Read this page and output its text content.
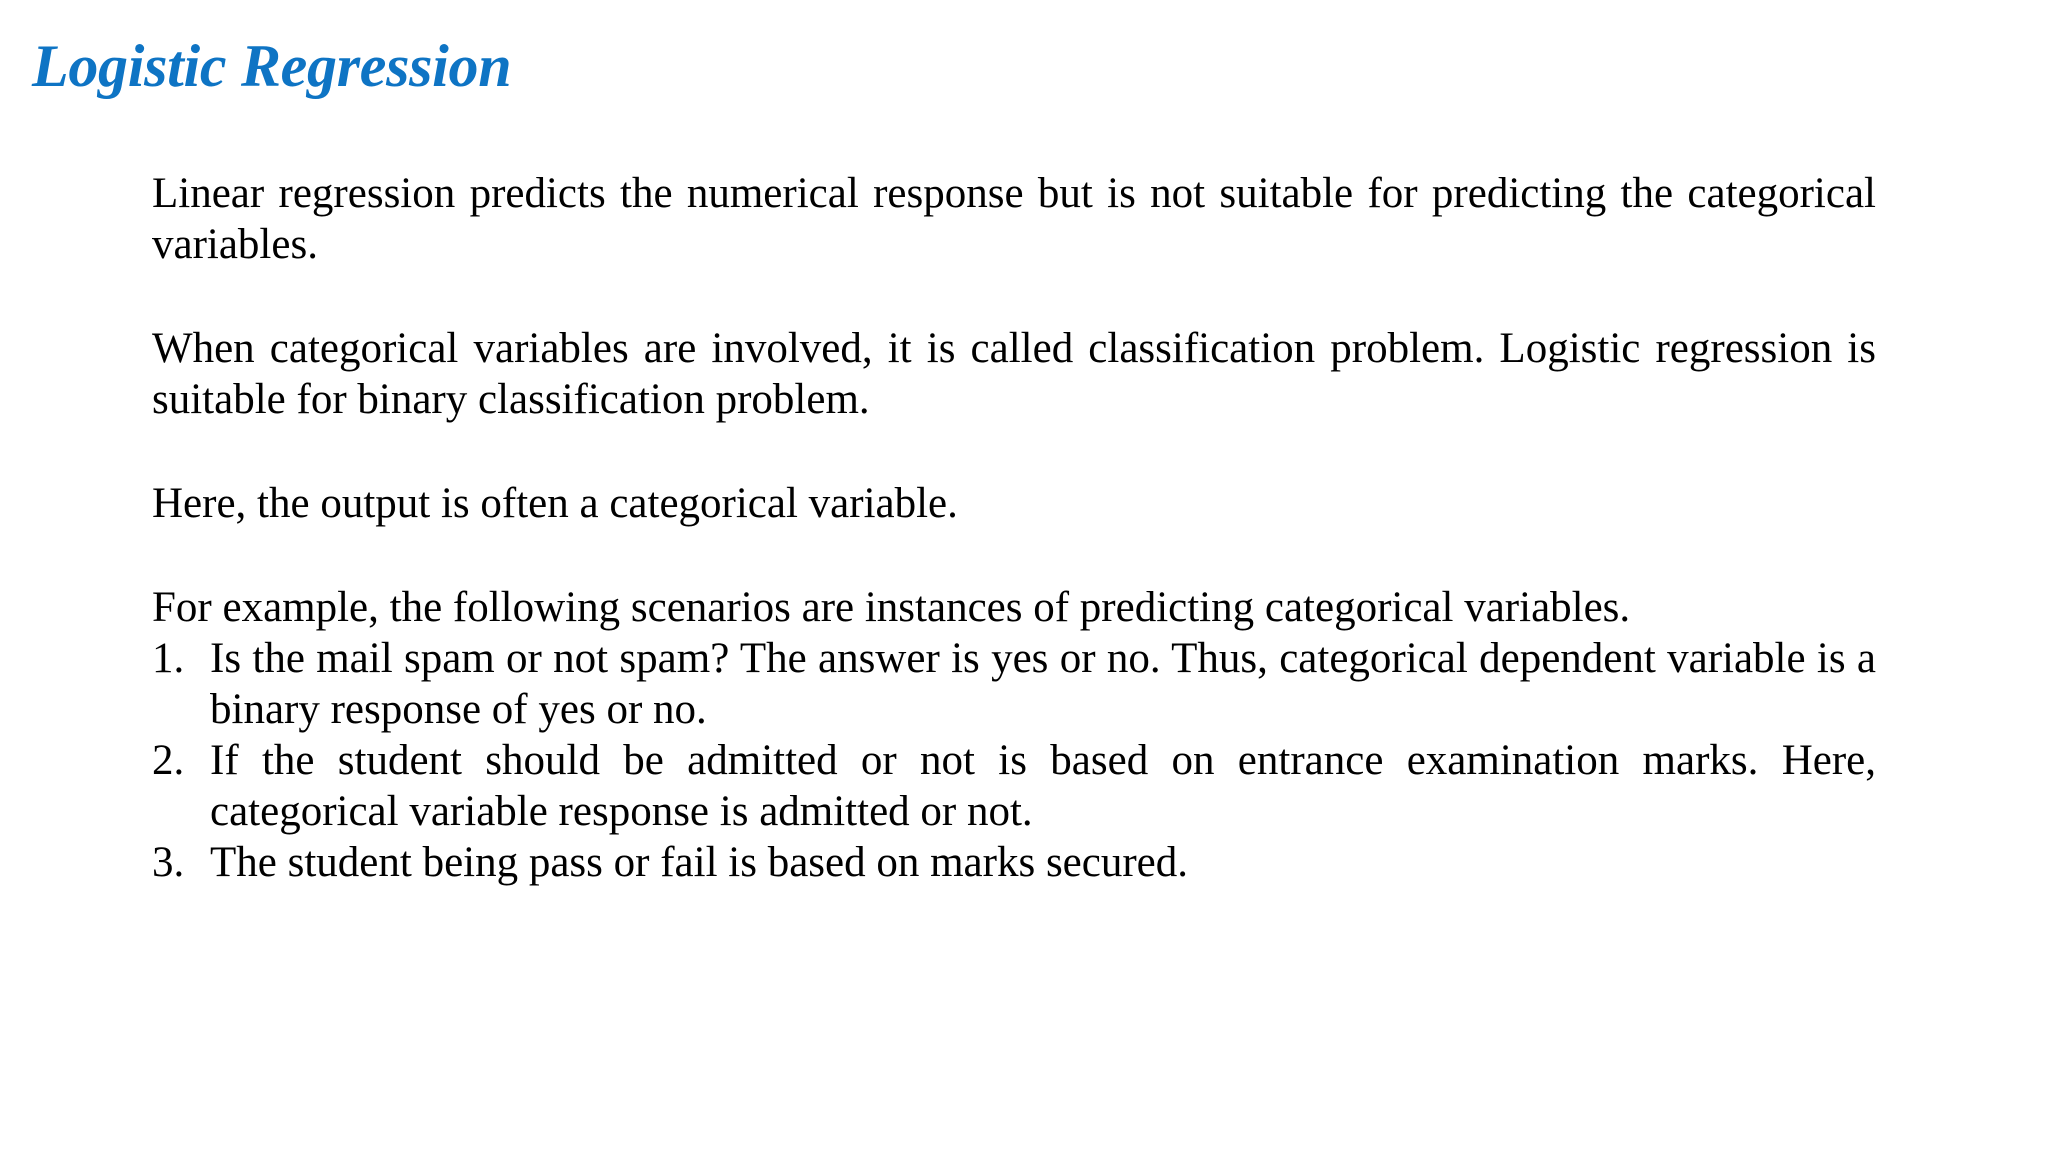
Logistic Regression

Linear regression predicts the numerical response but is not suitable for predicting the categorical variables.

When categorical variables are involved, it is called classification problem. Logistic regression is suitable for binary classification problem.

Here, the output is often a categorical variable.

For example, the following scenarios are instances of predicting categorical variables.

1. Is the mail spam or not spam? The answer is yes or no. Thus, categorical dependent variable is a binary response of yes or no.
2. If the student should be admitted or not is based on entrance examination marks. Here, categorical variable response is admitted or not.
3. The student being pass or fail is based on marks secured.
